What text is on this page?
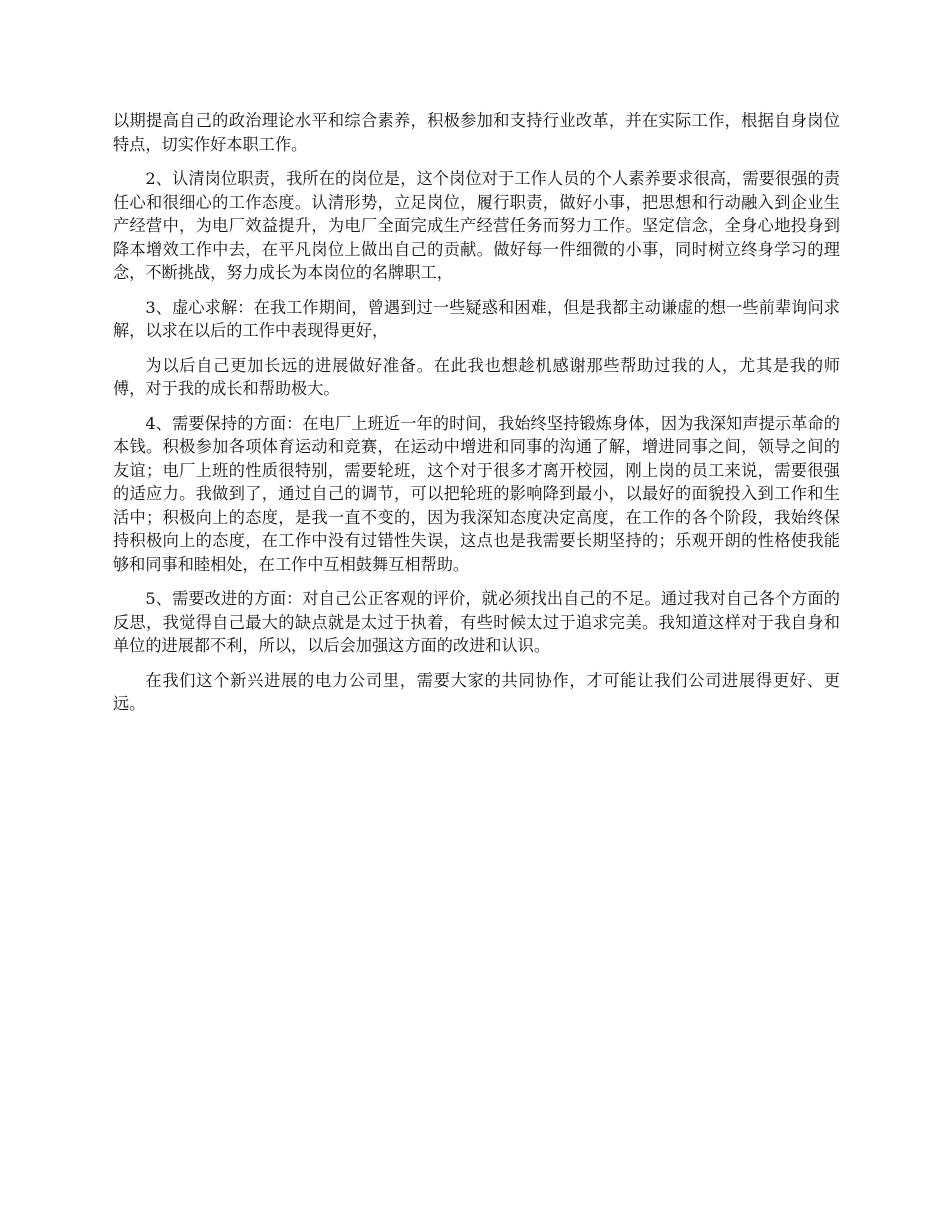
以期提高自己的政治理论水平和综合素养，积极参加和支持行业改革，并在实际工作，根据自身岗位特点，切实作好本职工作。

2、认清岗位职责，我所在的岗位是，这个岗位对于工作人员的个人素养要求很高，需要很强的责任心和很细心的工作态度。认清形势，立足岗位，履行职责，做好小事，把思想和行动融入到企业生产经营中，为电厂效益提升，为电厂全面完成生产经营任务而努力工作。坚定信念，全身心地投身到降本增效工作中去，在平凡岗位上做出自己的贡献。做好每一件细微的小事，同时树立终身学习的理念，不断挑战，努力成长为本岗位的名牌职工，

3、虚心求解：在我工作期间，曾遇到过一些疑惑和困难，但是我都主动谦虚的想一些前辈询问求解，以求在以后的工作中表现得更好，

为以后自己更加长远的进展做好准备。在此我也想趁机感谢那些帮助过我的人，尤其是我的师傅，对于我的成长和帮助极大。

4、需要保持的方面：在电厂上班近一年的时间，我始终坚持锻炼身体，因为我深知声提示革命的本钱。积极参加各项体育运动和竞赛，在运动中增进和同事的沟通了解，增进同事之间，领导之间的友谊；电厂上班的性质很特别，需要轮班，这个对于很多才离开校园，刚上岗的员工来说，需要很强的适应力。我做到了，通过自己的调节，可以把轮班的影响降到最小，以最好的面貌投入到工作和生活中；积极向上的态度，是我一直不变的，因为我深知态度决定高度，在工作的各个阶段，我始终保持积极向上的态度，在工作中没有过错性失误，这点也是我需要长期坚持的；乐观开朗的性格使我能够和同事和睦相处，在工作中互相鼓舞互相帮助。

5、需要改进的方面：对自己公正客观的评价，就必须找出自己的不足。通过我对自己各个方面的反思，我觉得自己最大的缺点就是太过于执着，有些时候太过于追求完美。我知道这样对于我自身和单位的进展都不利，所以，以后会加强这方面的改进和认识。

在我们这个新兴进展的电力公司里，需要大家的共同协作，才可能让我们公司进展得更好、更远。
